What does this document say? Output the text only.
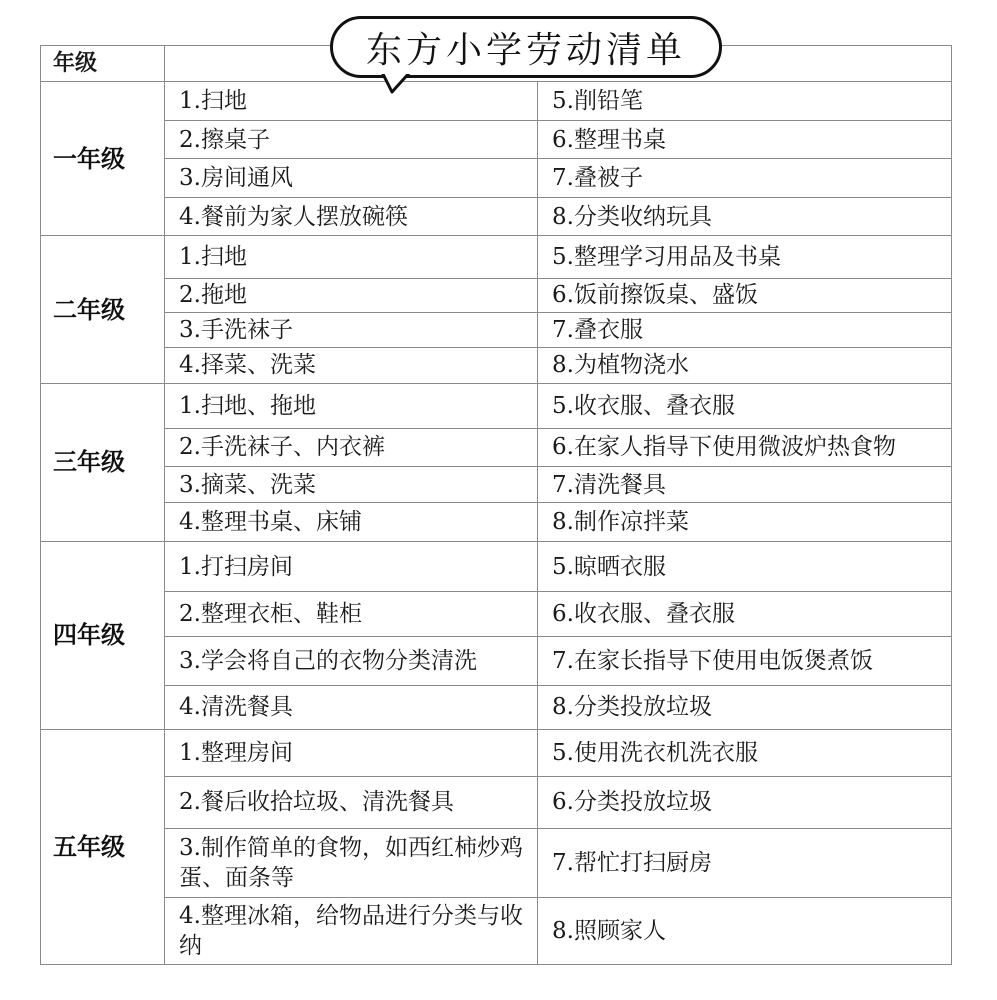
年级		
一年级	1.扫地	5.削铅笔
	2.擦桌子	6.整理书桌
	3.房间通风	7.叠被子
	4.餐前为家人摆放碗筷	8.分类收纳玩具
二年级	1.扫地	5.整理学习用品及书桌
	2.拖地	6.饭前擦饭桌、盛饭
	3.手洗袜子	7.叠衣服
	4.择菜、洗菜	8.为植物浇水
三年级	1.扫地、拖地	5.收衣服、叠衣服
	2.手洗袜子、内衣裤	6.在家人指导下使用微波炉热食物
	3.摘菜、洗菜	7.清洗餐具
	4.整理书桌、床铺	8.制作凉拌菜
四年级	1.打扫房间	5.晾晒衣服
	2.整理衣柜、鞋柜	6.收衣服、叠衣服
	3.学会将自己的衣物分类清洗	7.在家长指导下使用电饭煲煮饭
	4.清洗餐具	8.分类投放垃圾
五年级	1.整理房间	5.使用洗衣机洗衣服
	2.餐后收拾垃圾、清洗餐具	6.分类投放垃圾
	3.制作简单的食物，如西红柿炒鸡蛋、面条等	7.帮忙打扫厨房
	4.整理冰箱，给物品进行分类与收纳	8.照顾家人
东方小学劳动清单
